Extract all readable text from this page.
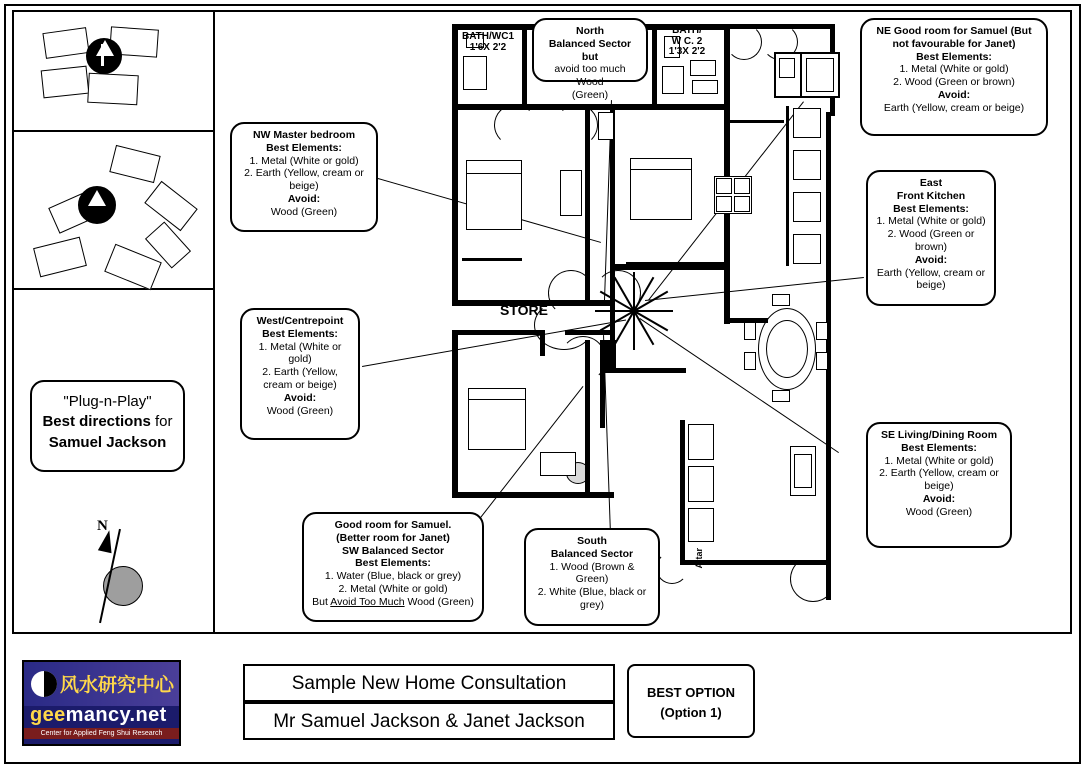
"Plug-n-Play"
Best directions for
Samuel Jackson
N
BATH/WC1
1'6X 2'2
BATH/
W C. 2
1'3X 2'2
STORE
Altar
NW Master bedroom
Best Elements:
1. Metal (White or gold)
2. Earth (Yellow, cream or beige)
Avoid:
Wood (Green)
North
Balanced Sector but
avoid too much Wood
(Green)
NE Good room for Samuel (But not favourable for Janet)
Best Elements:
1. Metal (White or gold)
2. Wood (Green or brown)
Avoid:
Earth (Yellow, cream or beige)
East
Front Kitchen
Best Elements:
1. Metal (White or gold)
2. Wood (Green or brown)
Avoid:
Earth (Yellow, cream or beige)
West/Centrepoint
Best Elements:
1. Metal (White or gold)
2. Earth (Yellow, cream or beige)
Avoid:
Wood (Green)
SE Living/Dining Room
Best Elements:
1. Metal (White or gold)
2. Earth (Yellow, cream or beige)
Avoid:
Wood (Green)
Good room for Samuel.
(Better room for Janet)
SW Balanced Sector
Best Elements:
1. Water (Blue, black or grey)
2. Metal (White or gold)
But Avoid Too Much Wood (Green)
South
Balanced Sector
1. Wood (Brown & Green)
2. White (Blue, black or grey)
风水研究中心
geemancy.net
Center for Applied Feng Shui Research
Sample New Home Consultation
Mr Samuel Jackson & Janet Jackson
BEST OPTION
(Option 1)
